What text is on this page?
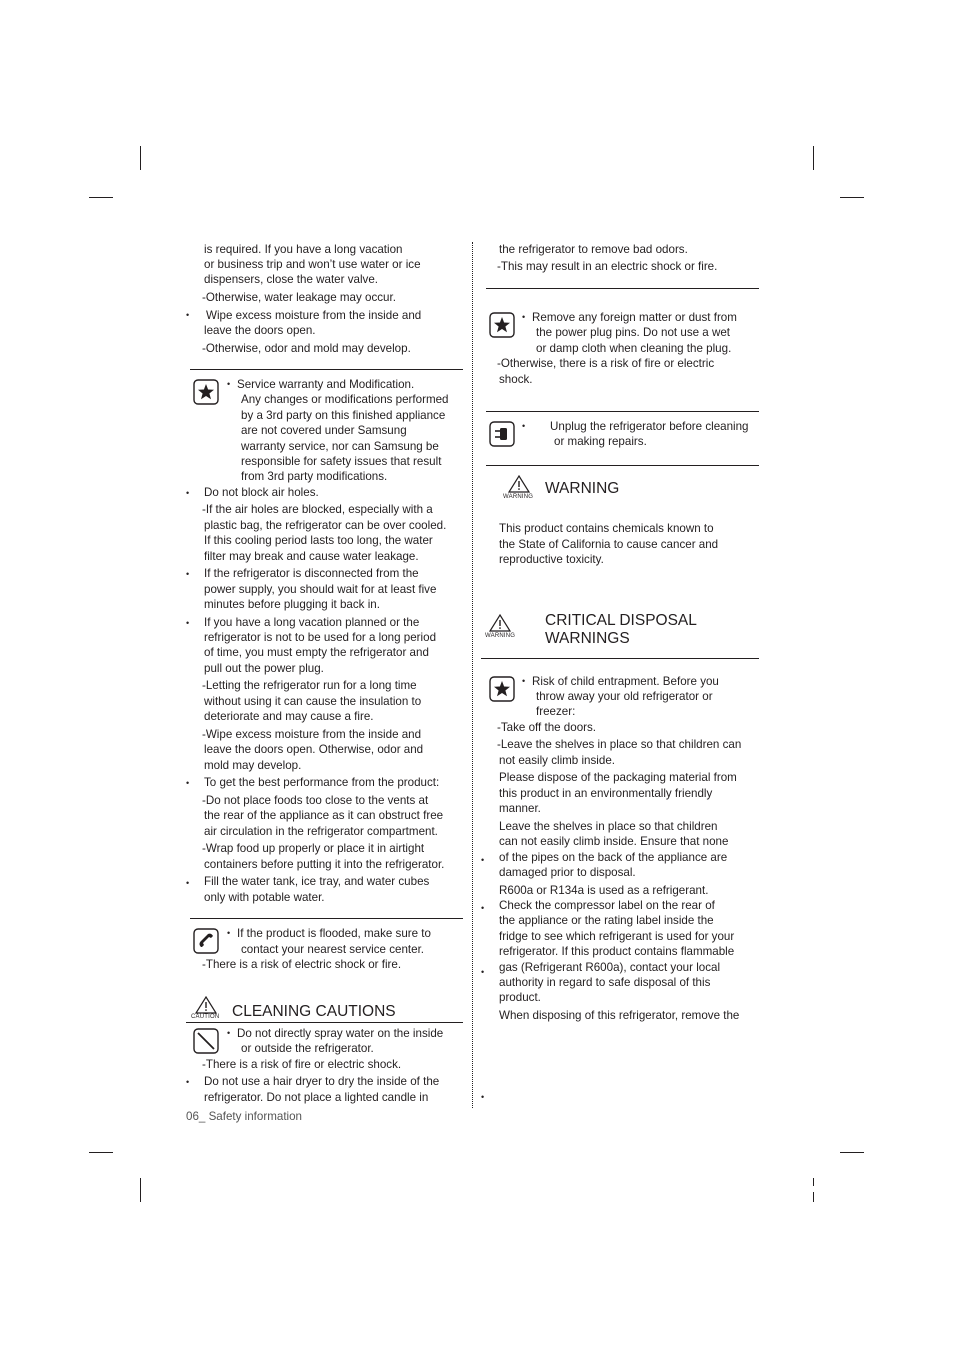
is required. If you have a long vacation
or business trip and won’t use water or ice
dispensers, close the water valve.
-Otherwise, water leakage may occur.
• Wipe excess moisture from the inside and
leave the doors open.
-Otherwise, odor and mold may develop.
• Service warranty and Modification.
Any changes or modifications performed
by a 3rd party on this finished appliance
are not covered under Samsung
warranty service, nor can Samsung be
responsible for safety issues that result
from 3rd party modifications.
• Do not block air holes.
-If the air holes are blocked, especially with a
plastic bag, the refrigerator can be over cooled.
If this cooling period lasts too long, the water
filter may break and cause water leakage.
• If the refrigerator is disconnected from the
power supply, you should wait for at least five
minutes before plugging it back in.
• If you have a long vacation planned or the
refrigerator is not to be used for a long period
of time, you must empty the refrigerator and
pull out the power plug.
-Letting the refrigerator run for a long time
without using it can cause the insulation to
deteriorate and may cause a fire.
-Wipe excess moisture from the inside and
leave the doors open. Otherwise, odor and
mold may develop.
• To get the best performance from the product:
-Do not place foods too close to the vents at
the rear of the appliance as it can obstruct free
air circulation in the refrigerator compartment.
-Wrap food up properly or place it in airtight
containers before putting it into the refrigerator.
• Fill the water tank, ice tray, and water cubes
only with potable water.
• If the product is flooded, make sure to
contact your nearest service center.
-There is a risk of electric shock or fire.
CAUTION CLEANING CAUTIONS
• Do not directly spray water on the inside
or outside the refrigerator.
-There is a risk of fire or electric shock.
• Do not use a hair dryer to dry the inside of the
refrigerator. Do not place a lighted candle in
06_ Safety information
the refrigerator to remove bad odors.
-This may result in an electric shock or fire.
• Remove any foreign matter or dust from
the power plug pins. Do not use a wet
or damp cloth when cleaning the plug.
-Otherwise, there is a risk of fire or electric
shock.
• Unplug the refrigerator before cleaning
or making repairs.
WARNING WARNING
This product contains chemicals known to
the State of California to cause cancer and
reproductive toxicity.
WARNING
CRITICAL DISPOSAL
WARNINGS
• Risk of child entrapment. Before you
throw away your old refrigerator or
freezer:
-Take off the doors.
-Leave the shelves in place so that children can
not easily climb inside.
Please dispose of the packaging material from
this product in an environmentally friendly
manner.
Leave the shelves in place so that children
can not easily climb inside. Ensure that none
• of the pipes on the back of the appliance are
damaged prior to disposal.
R600a or R134a is used as a refrigerant.
• Check the compressor label on the rear of
the appliance or the rating label inside the
fridge to see which refrigerant is used for your
refrigerator. If this product contains flammable
• gas (Refrigerant R600a), contact your local
authority in regard to safe disposal of this
product.
When disposing of this refrigerator, remove the
•
